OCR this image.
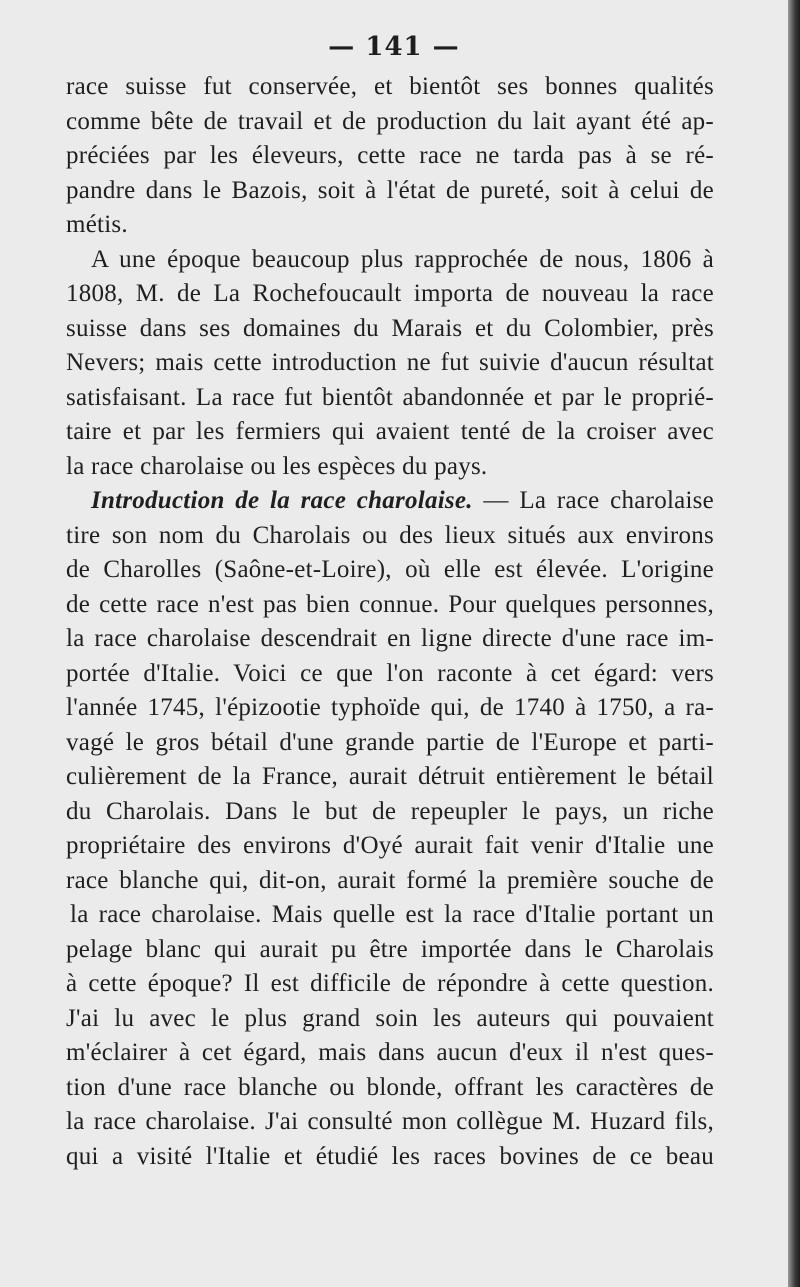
— 141 —
race suisse fut conservée, et bientôt ses bonnes qualités
comme bête de travail et de production du lait ayant été ap-
préciées par les éleveurs, cette race ne tarda pas à se ré-
pandre dans le Bazois, soit à l'état de pureté, soit à celui de
métis.
A une époque beaucoup plus rapprochée de nous, 1806 à
1808, M. de La Rochefoucault importa de nouveau la race
suisse dans ses domaines du Marais et du Colombier, près
Nevers; mais cette introduction ne fut suivie d'aucun résultat
satisfaisant. La race fut bientôt abandonnée et par le proprié-
taire et par les fermiers qui avaient tenté de la croiser avec
la race charolaise ou les espèces du pays.
Introduction de la race charolaise. — La race charolaise
tire son nom du Charolais ou des lieux situés aux environs
de Charolles (Saône-et-Loire), où elle est élevée. L'origine
de cette race n'est pas bien connue. Pour quelques personnes,
la race charolaise descendrait en ligne directe d'une race im-
portée d'Italie. Voici ce que l'on raconte à cet égard: vers
l'année 1745, l'épizootie typhoïde qui, de 1740 à 1750, a ra-
vagé le gros bétail d'une grande partie de l'Europe et parti-
culièrement de la France, aurait détruit entièrement le bétail
du Charolais. Dans le but de repeupler le pays, un riche
propriétaire des environs d'Oyé aurait fait venir d'Italie une
race blanche qui, dit-on, aurait formé la première souche de
la race charolaise. Mais quelle est la race d'Italie portant un
pelage blanc qui aurait pu être importée dans le Charolais
à cette époque? Il est difficile de répondre à cette question.
J'ai lu avec le plus grand soin les auteurs qui pouvaient
m'éclairer à cet égard, mais dans aucun d'eux il n'est ques-
tion d'une race blanche ou blonde, offrant les caractères de
la race charolaise. J'ai consulté mon collègue M. Huzard fils,
qui a visité l'Italie et étudié les races bovines de ce beau
